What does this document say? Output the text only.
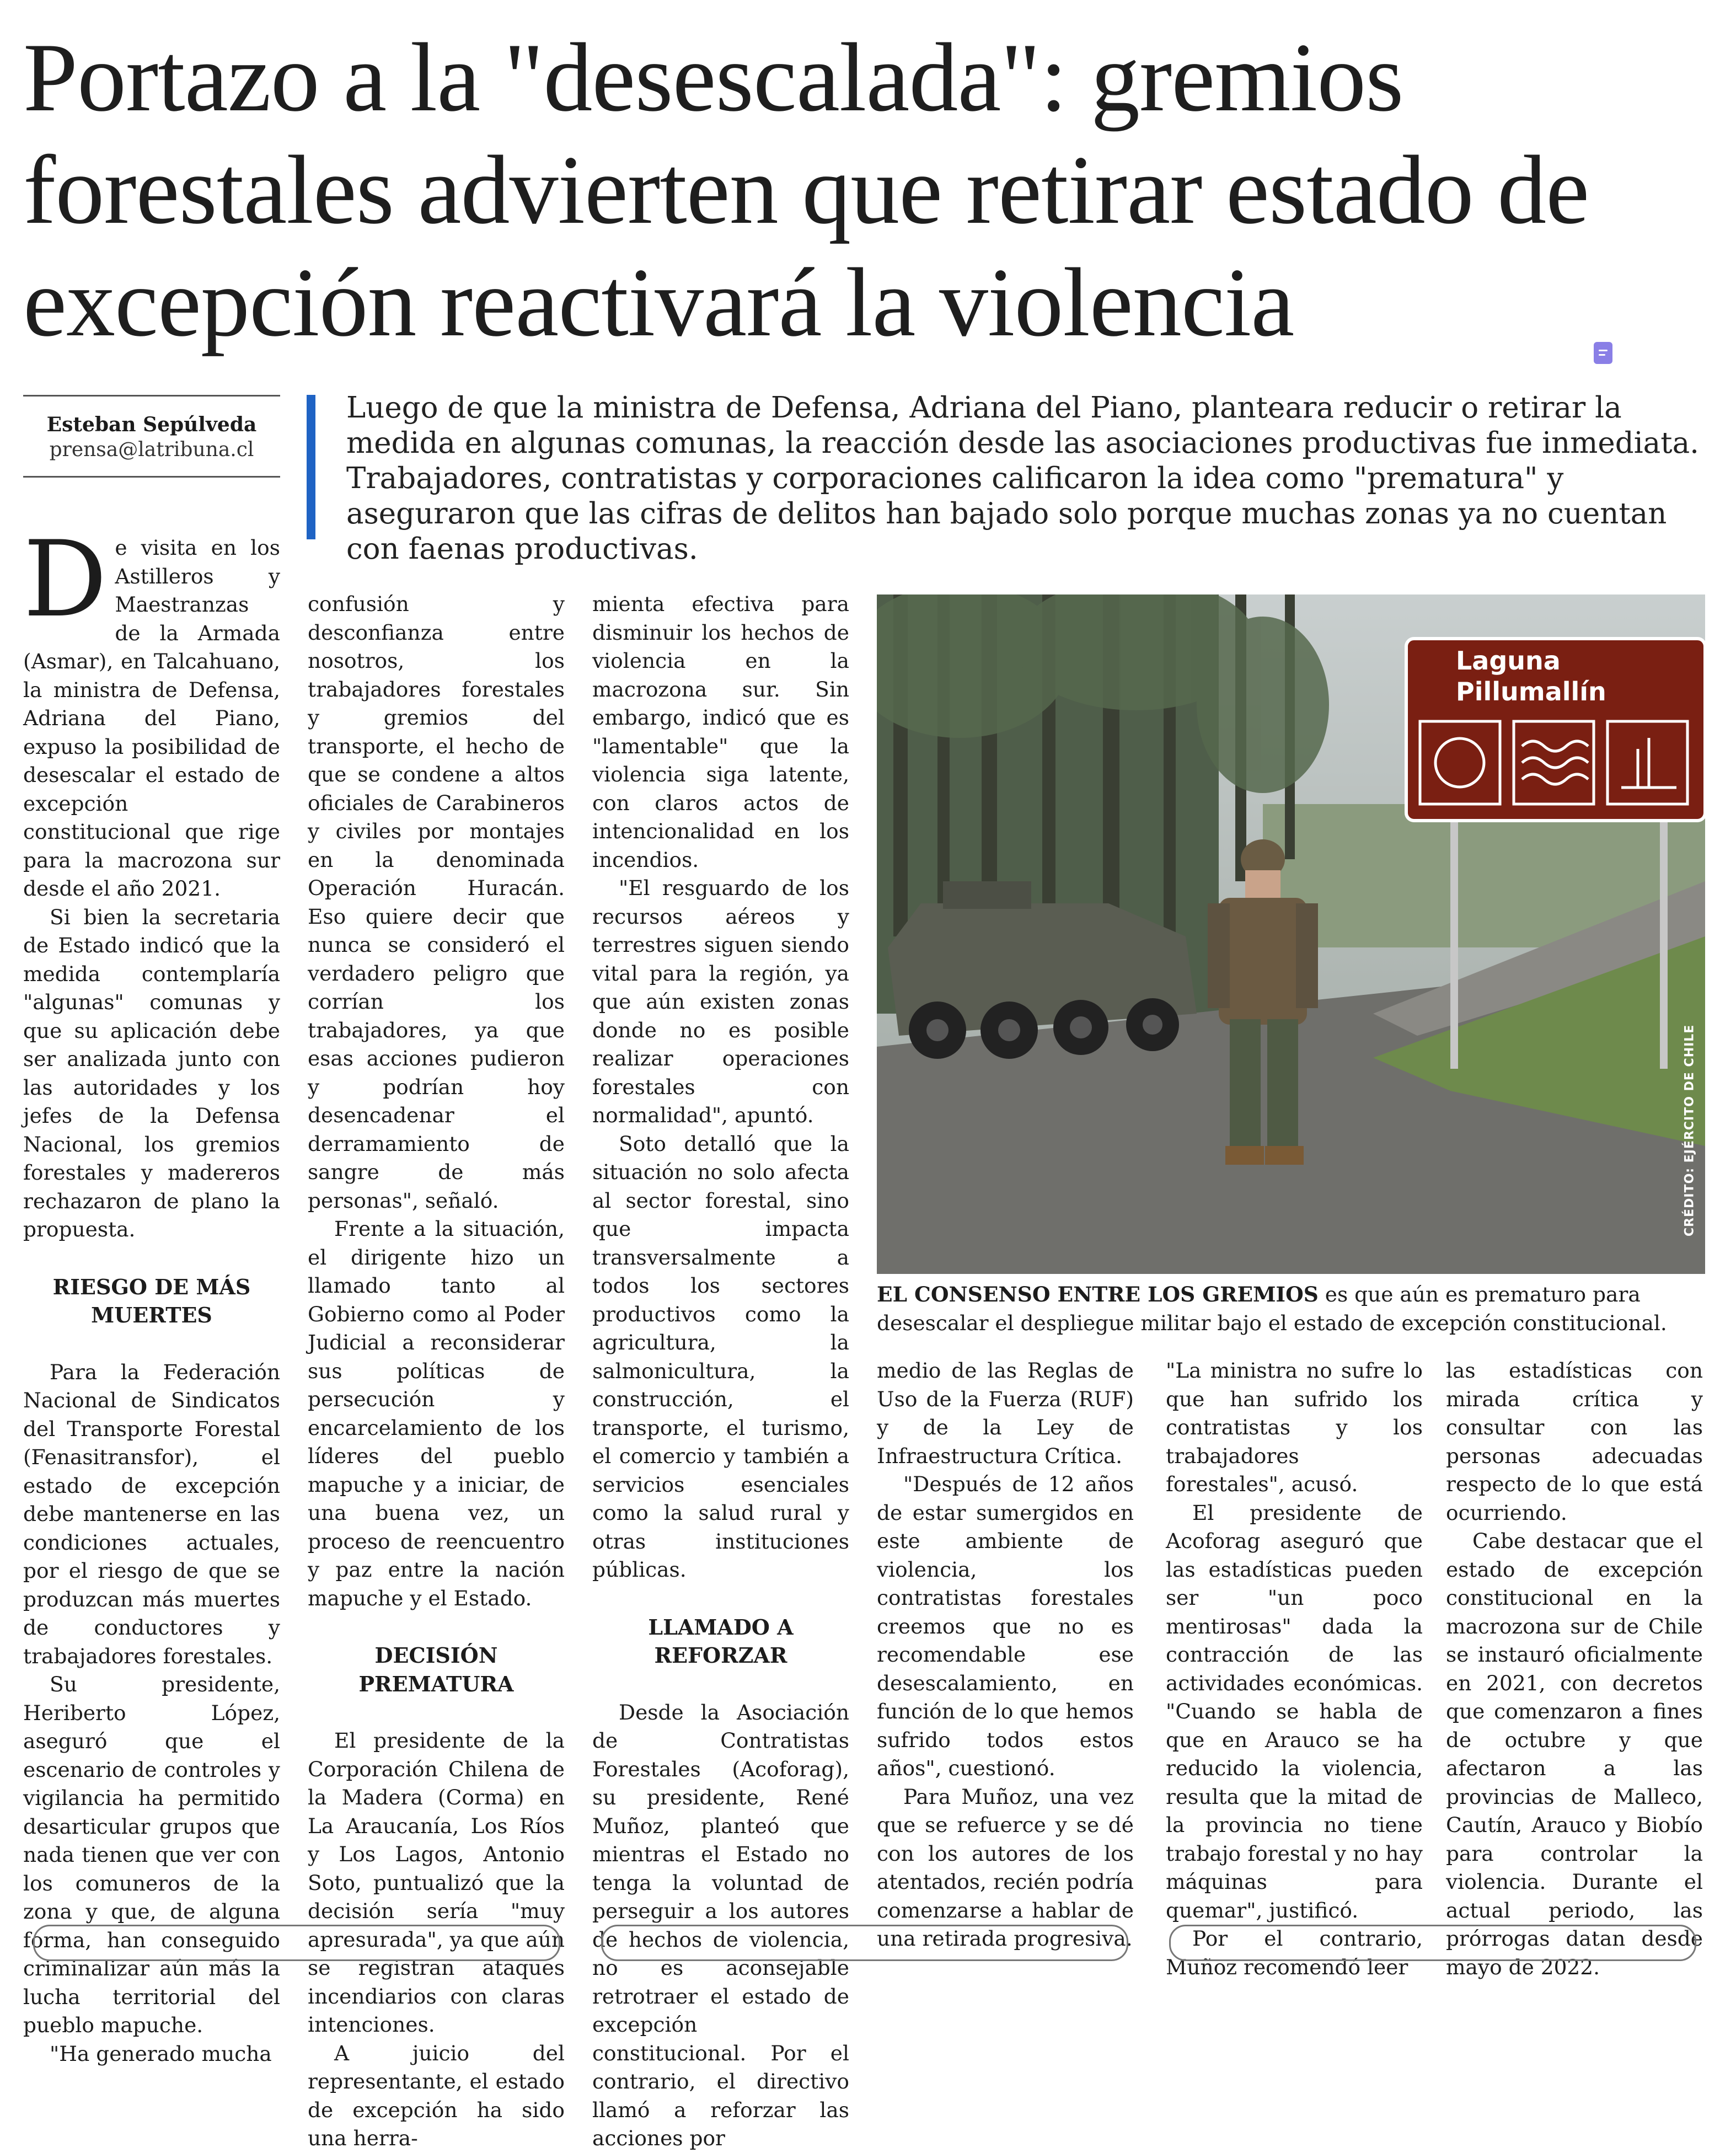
Portazo a la "desescalada": gremios forestales advierten que retirar estado de excepción reactivará la violencia
Esteban Sepúlveda
prensa@latribuna.cl

Luego de que la ministra de Defensa, Adriana del Piano, planteara reducir o retirar la medida en algunas comunas, la reacción desde las asociaciones productivas fue inmediata. Trabajadores, contratistas y corporaciones calificaron la idea como "prematura" y aseguraron que las cifras de delitos han bajado solo porque muchas zonas ya no cuentan con faenas productivas.

De visita en los Astilleros y Maestranzas de la Armada (Asmar), en Talcahuano, la ministra de Defensa, Adriana del Piano, expuso la posibilidad de desescalar el estado de excepción constitucional que rige para la macrozona sur desde el año 2021.

Si bien la secretaria de Estado indicó que la medida contemplaría "algunas" comunas y que su aplicación debe ser analizada junto con las autoridades y los jefes de la Defensa Nacional, los gremios forestales y madereros rechazaron de plano la propuesta.

RIESGO DE MÁS MUERTES

Para la Federación Nacional de Sindicatos del Transporte Forestal (Fenasitransfor), el estado de excepción debe mantenerse en las condiciones actuales, por el riesgo de que se produzcan más muertes de conductores y trabajadores forestales.

Su presidente, Heriberto López, aseguró que el escenario de controles y vigilancia ha permitido desarticular grupos que nada tienen que ver con los comuneros de la zona y que, de alguna forma, han conseguido criminalizar aún más la lucha territorial del pueblo mapuche.

"Ha generado mucha

confusión y desconfianza entre nosotros, los trabajadores forestales y gremios del transporte, el hecho de que se condene a altos oficiales de Carabineros y civiles por montajes en la denominada Operación Huracán. Eso quiere decir que nunca se consideró el verdadero peligro que corrían los trabajadores, ya que esas acciones pudieron y podrían hoy desencadenar el derramamiento de sangre de más personas", señaló.

Frente a la situación, el dirigente hizo un llamado tanto al Gobierno como al Poder Judicial a reconsiderar sus políticas de persecución y encarcelamiento de los líderes del pueblo mapuche y a iniciar, de una buena vez, un proceso de reencuentro y paz entre la nación mapuche y el Estado.

DECISIÓN PREMATURA

El presidente de la Corporación Chilena de la Madera (Corma) en La Araucanía, Los Ríos y Los Lagos, Antonio Soto, puntualizó que la decisión sería "muy apresurada", ya que aún se registran ataques incendiarios con claras intenciones.

A juicio del representante, el estado de excepción ha sido una herra-

mienta efectiva para disminuir los hechos de violencia en la macrozona sur. Sin embargo, indicó que es "lamentable" que la violencia siga latente, con claros actos de intencionalidad en los incendios.

"El resguardo de los recursos aéreos y terrestres siguen siendo vital para la región, ya que aún existen zonas donde no es posible realizar operaciones forestales con normalidad", apuntó.

Soto detalló que la situación no solo afecta al sector forestal, sino que impacta transversalmente a todos los sectores productivos como la agricultura, la salmonicultura, la construcción, el transporte, el turismo, el comercio y también a servicios esenciales como la salud rural y otras instituciones públicas.

LLAMADO A REFORZAR

Desde la Asociación de Contratistas Forestales (Acoforag), su presidente, René Muñoz, planteó que mientras el Estado no tenga la voluntad de perseguir a los autores de hechos de violencia, no es aconsejable retrotraer el estado de excepción constitucional. Por el contrario, el directivo llamó a reforzar las acciones por

Laguna
Pillumallín
CRÉDITO: EJÉRCITO DE CHILE

EL CONSENSO ENTRE LOS GREMIOS es que aún es prematuro para desescalar el despliegue militar bajo el estado de excepción constitucional.

medio de las Reglas de Uso de la Fuerza (RUF) y de la Ley de Infraestructura Crítica.

"Después de 12 años de estar sumergidos en este ambiente de violencia, los contratistas forestales creemos que no es recomendable ese desescalamiento, en función de lo que hemos sufrido todos estos años", cuestionó.

Para Muñoz, una vez que se refuerce y se dé con los autores de los atentados, recién podría comenzarse a hablar de una retirada progresiva.

"La ministra no sufre lo que han sufrido los contratistas y los trabajadores forestales", acusó.

El presidente de Acoforag aseguró que las estadísticas pueden ser "un poco mentirosas" dada la contracción de las actividades económicas. "Cuando se habla de que en Arauco se ha reducido la violencia, resulta que la mitad de la provincia no tiene trabajo forestal y no hay máquinas para quemar", justificó.

Por el contrario, Muñoz recomendó leer

las estadísticas con mirada crítica y consultar con las personas adecuadas respecto de lo que está ocurriendo.

Cabe destacar que el estado de excepción constitucional en la macrozona sur de Chile se instauró oficialmente en 2021, con decretos que comenzaron a fines de octubre y que afectaron a las provincias de Malleco, Cautín, Arauco y Biobío para controlar la violencia. Durante el actual periodo, las prórrogas datan desde mayo de 2022.
